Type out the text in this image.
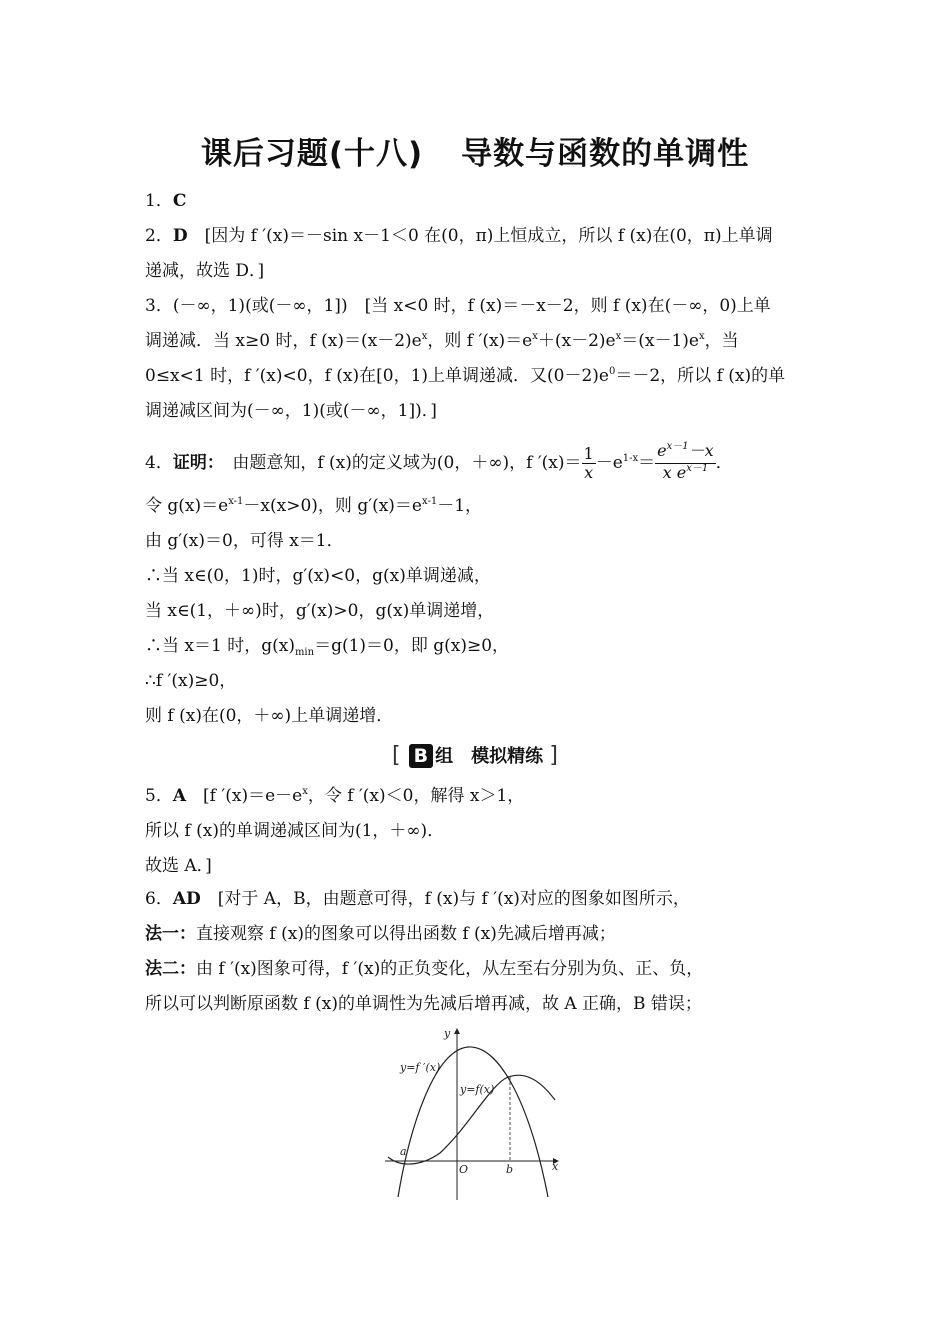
课后习题(十八) 导数与函数的单调性
1．C
2．D　 [因为 f ′(x)＝－sin x－1＜0 在(0，π)上恒成立，所以 f (x)在(0，π)上单调
递减，故选 D．]
3．(－∞，1)(或(－∞，1])　[当 x<0 时，f (x)＝－x－2，则 f (x)在(－∞，0)上单
调递减．当 x≥0 时，f $(x)=(x-2)e^x$，则 f $'(x)=e^x+(x-2)e^x=(x-1)e^x$，当
0≤x<1 时，f ′(x)<0，f (x)在[0，1)上单调递减．又$(0-2)e^0=-2$，所以 f (x)的单
调递减区间为(－∞，1)(或(－∞，1])．]
4．证明：　 由题意知，f (x)的定义域为(0，＋∞)，f $'(x)= \frac{1}{x} -e^{1-x}= \frac{e^{x-1}-x}{x e^{x-1}}$ ．
令 $g(x)=e^{x-1}-x(x>0)$，则 $g'(x)=e^{x-1}-1$，
由 g′(x)＝0，可得 x＝1．
∴当 x∈(0，1)时，g′(x)<0，g(x)单调递减，
当 x∈(1，＋∞)时，g′(x)>0，g(x)单调递增，
∴当 x＝1 时，$g(x)_{min}=g(1)=0$，即 g(x)≥0，
∴f ′(x)≥0，
则 f (x)在(0，＋∞)上单调递增．
[ B 组　模拟精练 ]
5．A　 [f $'(x)=e-e^x$，令 f ′(x)＜0，解得 x＞1，
所以 f (x)的单调递减区间为(1，＋∞)．
故选 A．]
6．AD　 [对于 A，B，由题意可得，f (x)与 f ′(x)对应的图象如图所示，
法一：直接观察 f (x)的图象可以得出函数 f (x)先减后增再减；
法二：由 f ′(x)图象可得，f ′(x)的正负变化，从左至右分别为负、正、负，
所以可以判断原函数 f (x)的单调性为先减后增再减，故 A 正确，B 错误；
y
x
O
a
b
y=f ′(x)
y=f(x)
